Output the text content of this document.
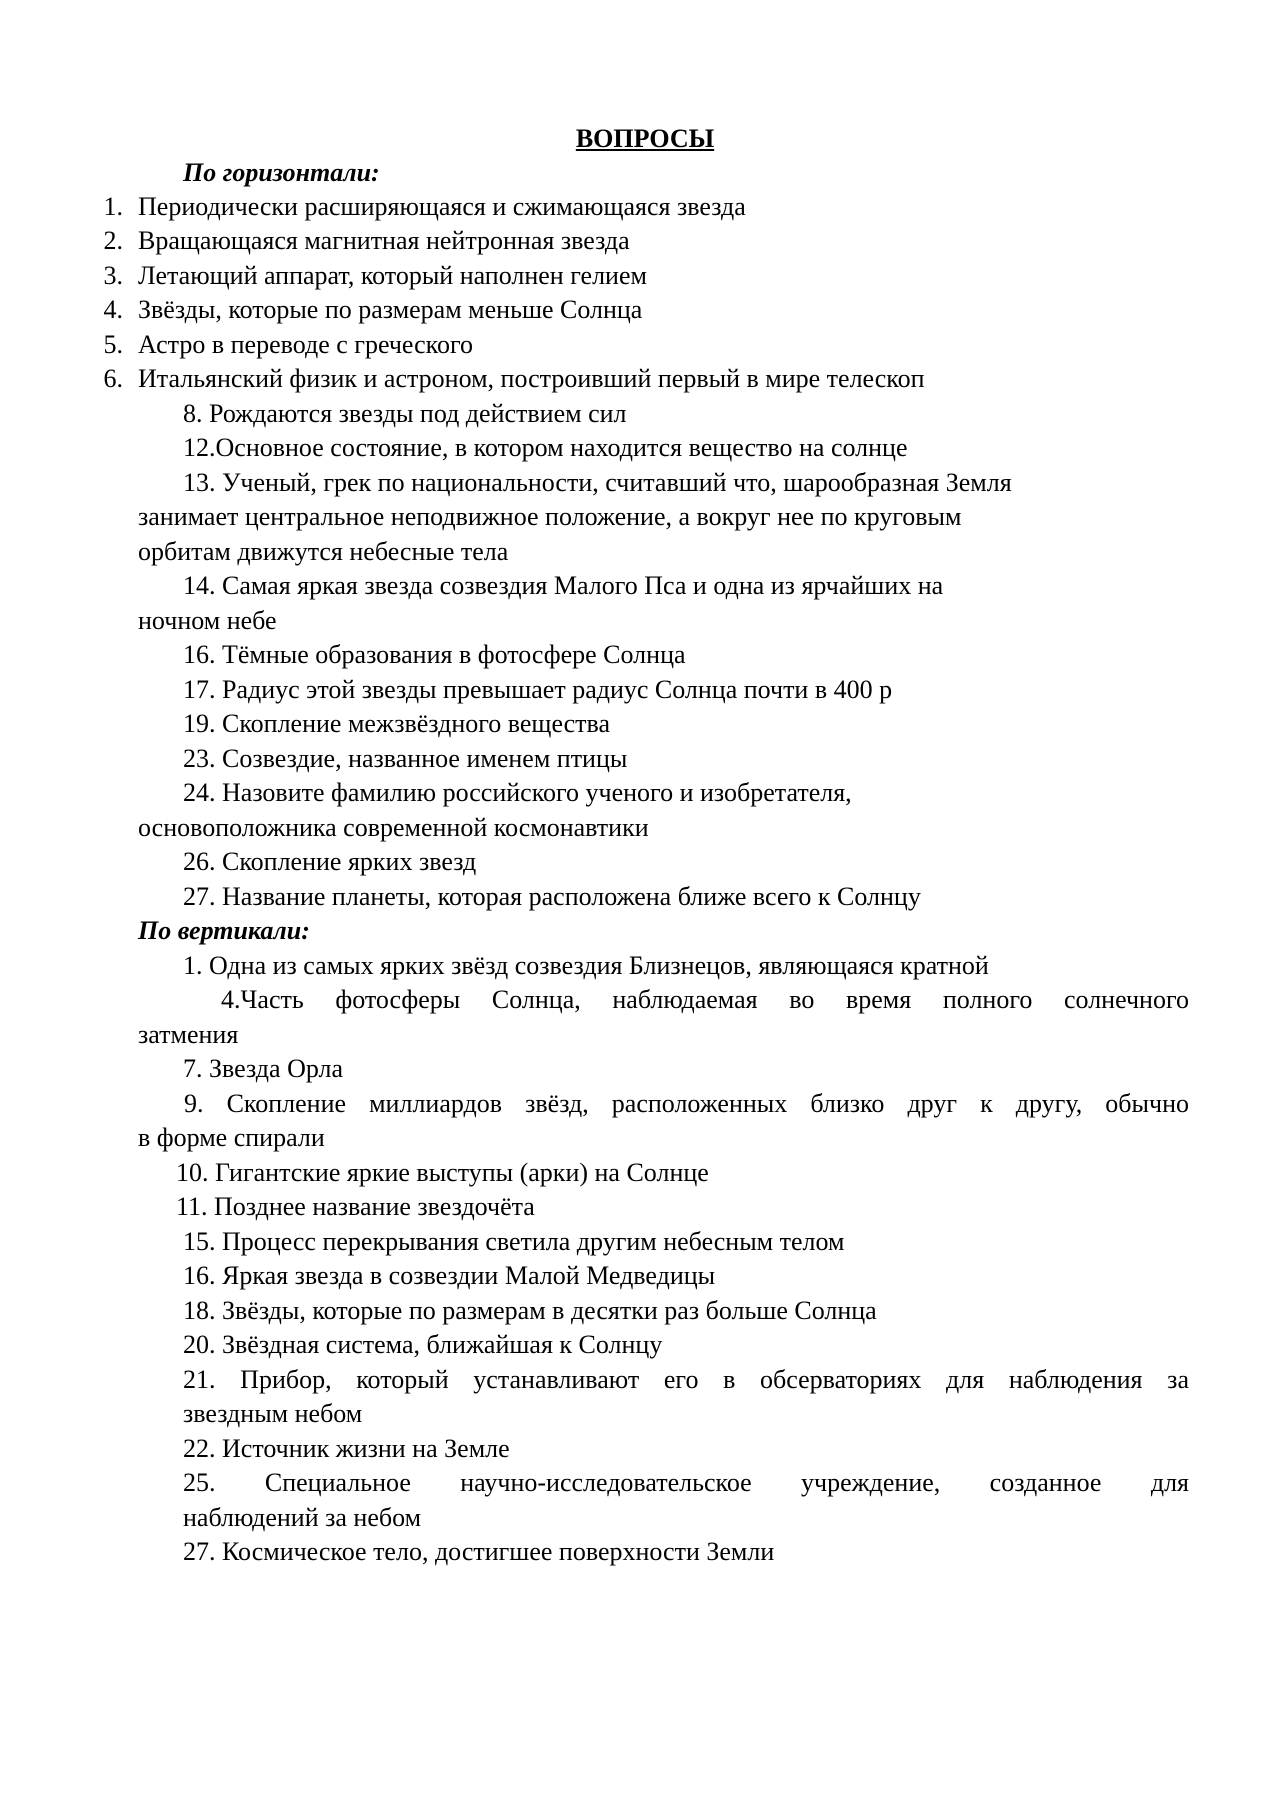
ВОПРОСЫ
По горизонтали:
1. Периодически расширяющаяся и сжимающаяся звезда
2. Вращающаяся магнитная нейтронная звезда
3. Летающий аппарат, который наполнен гелием
4. Звёзды, которые по размерам меньше Солнца
5. Астро в переводе с греческого
6. Итальянский физик и астроном, построивший первый в мире телескоп
8. Рождаются звезды под действием сил
12.Основное состояние, в котором находится вещество на солнце
13. Ученый, грек по национальности, считавший что, шарообразная Земля
занимает центральное неподвижное положение, а вокруг нее по круговым
орбитам движутся небесные тела
14. Самая яркая звезда созвездия Малого Пса и одна из ярчайших на
ночном небе
16. Тёмные образования в фотосфере Солнца
17. Радиус этой звезды превышает радиус Солнца почти в 400 р
19. Скопление межзвёздного вещества
23. Созвездие, названное именем птицы
24. Назовите фамилию российского ученого и изобретателя,
основоположника современной космонавтики
26. Скопление ярких звезд
27. Название планеты, которая расположена ближе всего к Солнцу
По вертикали:
1. Одна из самых ярких звёзд созвездия Близнецов, являющаяся кратной
4.Часть фотосферы Солнца, наблюдаемая во время полного солнечного
затмения
7. Звезда Орла
9. Скопление миллиардов звёзд, расположенных близко друг к другу, обычно
в форме спирали
10. Гигантские яркие выступы (арки) на Солнце
11. Позднее название звездочёта
15. Процесс перекрывания светила другим небесным телом
16. Яркая звезда в созвездии Малой Медведицы
18. Звёзды, которые по размерам в десятки раз больше Солнца
20. Звёздная система, ближайшая к Солнцу
21. Прибор, который устанавливают его в обсерваториях для наблюдения за
звездным небом
22. Источник жизни на Земле
25. Специальное научно-исследовательское учреждение, созданное для
наблюдений за небом
27. Космическое тело, достигшее поверхности Земли
